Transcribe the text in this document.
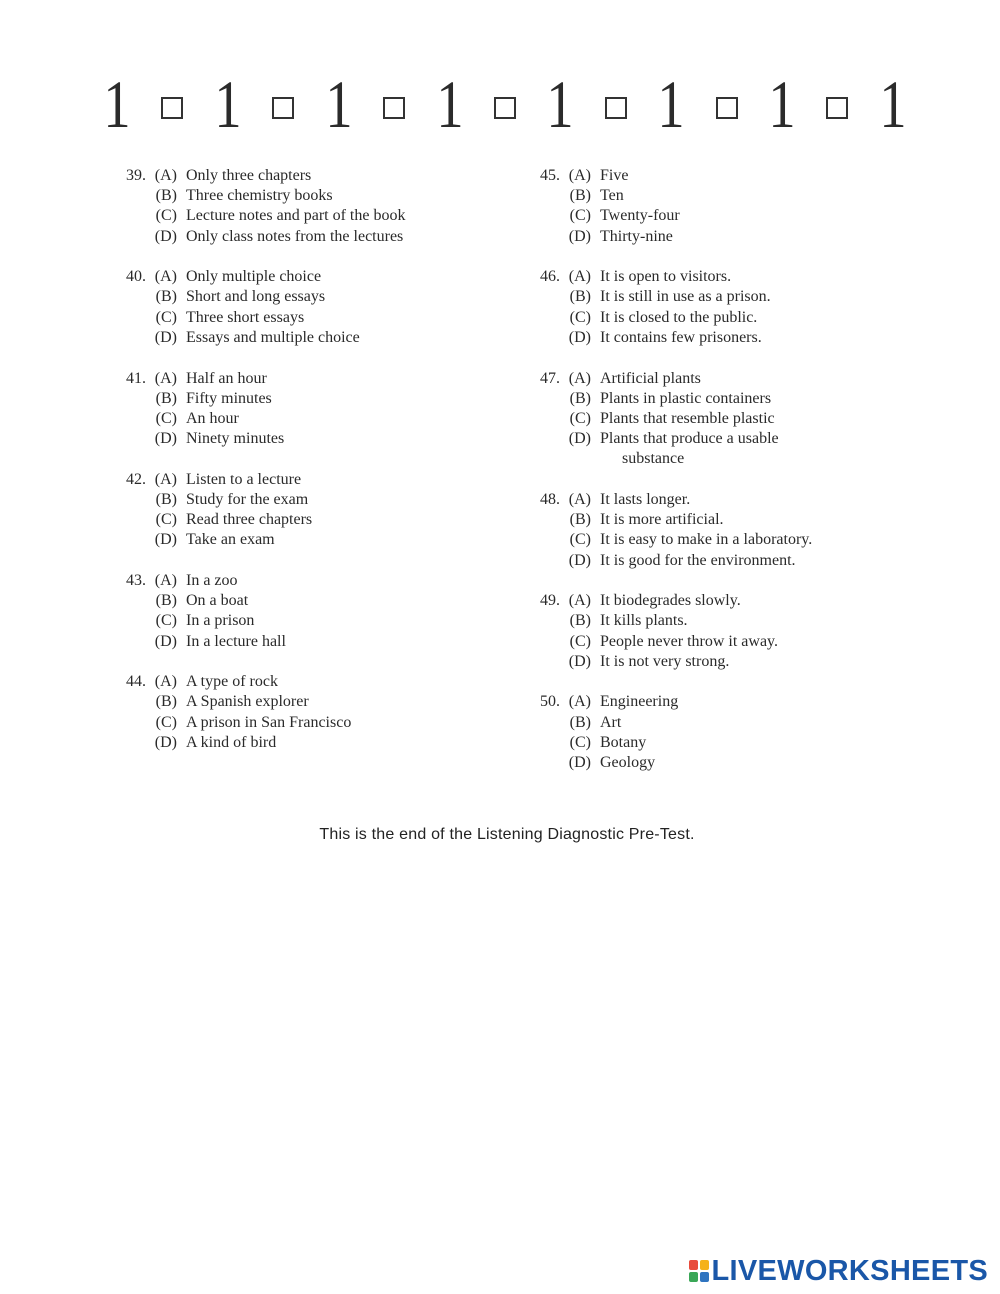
1 1 1 1 1 1 1 1
39. (A) Only three chapters
(B) Three chemistry books
(C) Lecture notes and part of the book
(D) Only class notes from the lectures
40. (A) Only multiple choice
(B) Short and long essays
(C) Three short essays
(D) Essays and multiple choice
41. (A) Half an hour
(B) Fifty minutes
(C) An hour
(D) Ninety minutes
42. (A) Listen to a lecture
(B) Study for the exam
(C) Read three chapters
(D) Take an exam
43. (A) In a zoo
(B) On a boat
(C) In a prison
(D) In a lecture hall
44. (A) A type of rock
(B) A Spanish explorer
(C) A prison in San Francisco
(D) A kind of bird
45. (A) Five
(B) Ten
(C) Twenty-four
(D) Thirty-nine
46. (A) It is open to visitors.
(B) It is still in use as a prison.
(C) It is closed to the public.
(D) It contains few prisoners.
47. (A) Artificial plants
(B) Plants in plastic containers
(C) Plants that resemble plastic
(D) Plants that produce a usable
substance
48. (A) It lasts longer.
(B) It is more artificial.
(C) It is easy to make in a laboratory.
(D) It is good for the environment.
49. (A) It biodegrades slowly.
(B) It kills plants.
(C) People never throw it away.
(D) It is not very strong.
50. (A) Engineering
(B) Art
(C) Botany
(D) Geology
This is the end of the Listening Diagnostic Pre-Test.
LIVEWORKSHEETS
